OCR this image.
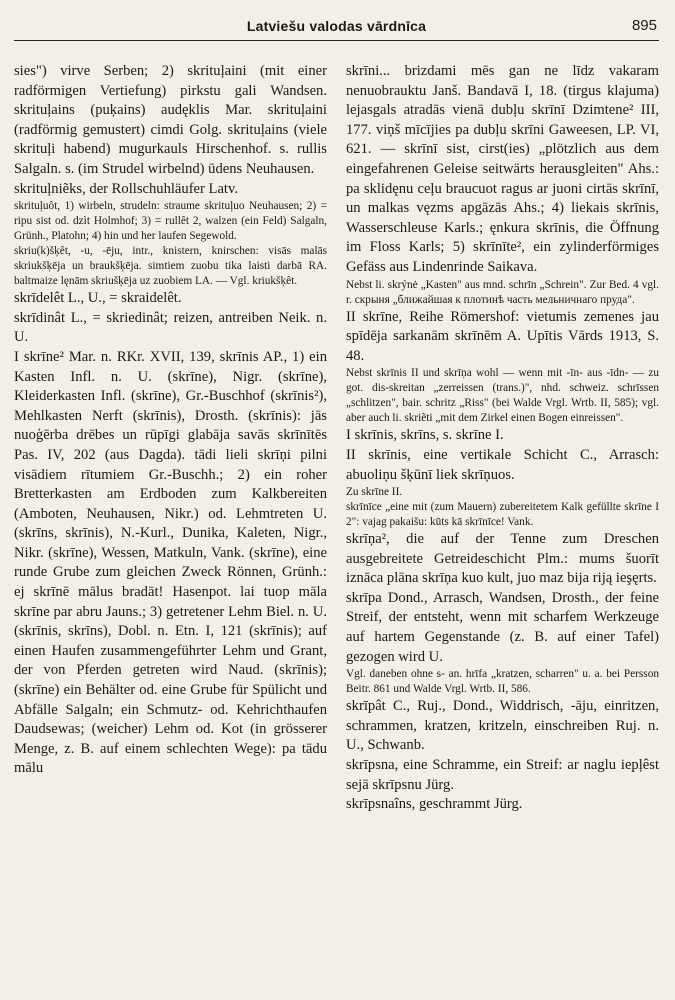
Latviešu valodas vārdnīca	895

sies") virve Serben; 2) skrituļaini (mit einer radförmigen Vertiefung) pirkstu gali Wandsen. skrituļains (puķains) audęklis Mar. skrituļaini (radförmig gemustert) cimdi Golg. skrituļains (viele skrituļi habend) mugurkauls Hirschenhof. s. rullis Salgaln. s. (im Strudel wirbelnd) ūdens Neuhausen.

skrituļniẽks, der Rollschuhläufer Latv.

skrituļuôt, 1) wirbeln, strudeln: straume skrituļuo Neuhausen; 2) = ripu sist od. dzìt Holmhof; 3) = rullêt 2, walzen (ein Feld) Salgaln, Grünh., Platohn; 4) hin und her laufen Segewold.

skriu(k)šķêt, -u, -ēju, intr., knistern, knirschen: visās malās skriukšķēja un braukšķēja. simtiem zuobu tika laisti darbā RA. baltmaize lęnām skriušķēja uz zuobiem LA. — Vgl. kriukšķêt.

skrīdelêt L., U., = skraidelêt.

skrīdinât L., = skriedinât; reizen, antreiben Neik. n. U.

I skrīne² Mar. n. RKr. XVII, 139, skrīnis AP., 1) ein Kasten Infl. n. U. (skrīne), Nigr. (skrīne), Kleiderkasten Infl. (skrīne), Gr.-Buschhof (skrīnis²), Mehlkasten Nerft (skrīnis), Drosth. (skrīnis): jās nuoģērba drēbes un rūpīgi glabāja savās skrīnītēs Pas. IV, 202 (aus Dagda). tādi lieli skrīņi pilni visādiem rītumiem Gr.-Buschh.; 2) ein roher Bretterkasten am Erdboden zum Kalkbereiten (Amboten, Neuhausen, Nikr.) od. Lehmtreten U. (skrīns, skrīnis), N.-Kurl., Dunika, Kaleten, Nigr., Nikr. (skrīne), Wessen, Matkuln, Vank. (skrīne), eine runde Grube zum gleichen Zweck Rönnen, Grünh.: ej skrīnē mālus bradāt! Hasenpot. lai tuop māla skrīne par abru Jauns.; 3) getretener Lehm Biel. n. U. (skrīnis, skrīns), Dobl. n. Etn. I, 121 (skrīnis); auf einen Haufen zusammengeführter Lehm und Grant, der von Pferden getreten wird Naud. (skrīnis); (skrīne) ein Behälter od. eine Grube für Spülicht und Abfälle Salgaln; ein Schmutz- od. Kehrichthaufen Daudsewas; (weicher) Lehm od. Kot (in grösserer Menge, z. B. auf einem schlechten Wege): pa tādu mālu

skrīni... brizdami mēs gan ne līdz vakaram nenuobrauktu Janš. Bandavā I, 18. (tirgus klajuma) lejasgals atradās vienā dubļu skrīnī Dzimtene² III, 177. viņš mīcījies pa dubļu skrīni Gaweesen, LP. VI, 621. — skrīnī sist, cirst(ies) „plötzlich aus dem eingefahrenen Geleise seitwärts herausgleiten" Ahs.: pa sklidęnu ceļu braucuot ragus ar juoni cirtās skrīnī, un malkas vęzms apgāzās Ahs.; 4) liekais skrīnis, Wasserschleuse Karls.; ęnkura skrīnis, die Öffnung im Floss Karls; 5) skrīnīte², ein zylinderförmiges Gefäss aus Lindenrinde Saikava.

Nebst li. skrýnė „Kasten" aus mnd. schrīn „Schrein". Zur Bed. 4 vgl. r. скрыня „ближайшая к плотинѣ часть мельничнаго пруда".

II skrīne, Reihe Römershof: vietumis zemenes jau spīdēja sarkanām skrīnēm A. Upītis Vārds 1913, S. 48.

Nebst skrīnis II und skrīņa wohl — wenn mit -īn- aus -īdn- — zu got. dis-skreitan „zerreissen (trans.)", nhd. schweiz. schrīssen „schlitzen", bair. schritz „Riss" (bei Walde Vrgl. Wrtb. II, 585); vgl. aber auch li. skriẽti „mit dem Zirkel einen Bogen einreissen".

I skrīnis, skrīns, s. skrīne I.

II skrīnis, eine vertikale Schicht C., Arrasch: abuoliņu šķūnī liek skrīņuos.

Zu skrīne II.

skrīnīce „eine mit (zum Mauern) zubereitetem Kalk gefüllte skrīne I 2": vajag pakaišu: kūts kā skrīnīce! Vank.

skrīņa², die auf der Tenne zum Dreschen ausgebreitete Getreideschicht Plm.: mums šuorīt iznāca plāna skrīņa kuo kult, juo maz bija riją ieşęrts.

skrīpa Dond., Arrasch, Wandsen, Drosth., der feine Streif, der entsteht, wenn mit scharfem Werkzeuge auf hartem Gegenstande (z. B. auf einer Tafel) gezogen wird U.

Vgl. daneben ohne s- an. hrīfa „kratzen, scharren" u. a. bei Persson Beitr. 861 und Walde Vrgl. Wrtb. II, 586.

skrīpât C., Ruj., Dond., Widdrisch, -āju, einritzen, schrammen, kratzen, kritzeln, einschreiben Ruj. n. U., Schwanb.

skrīpsna, eine Schramme, ein Streif: ar naglu iepļêst sejā skrīpsnu Jürg.

skrīpsnaîns, geschrammt Jürg.
